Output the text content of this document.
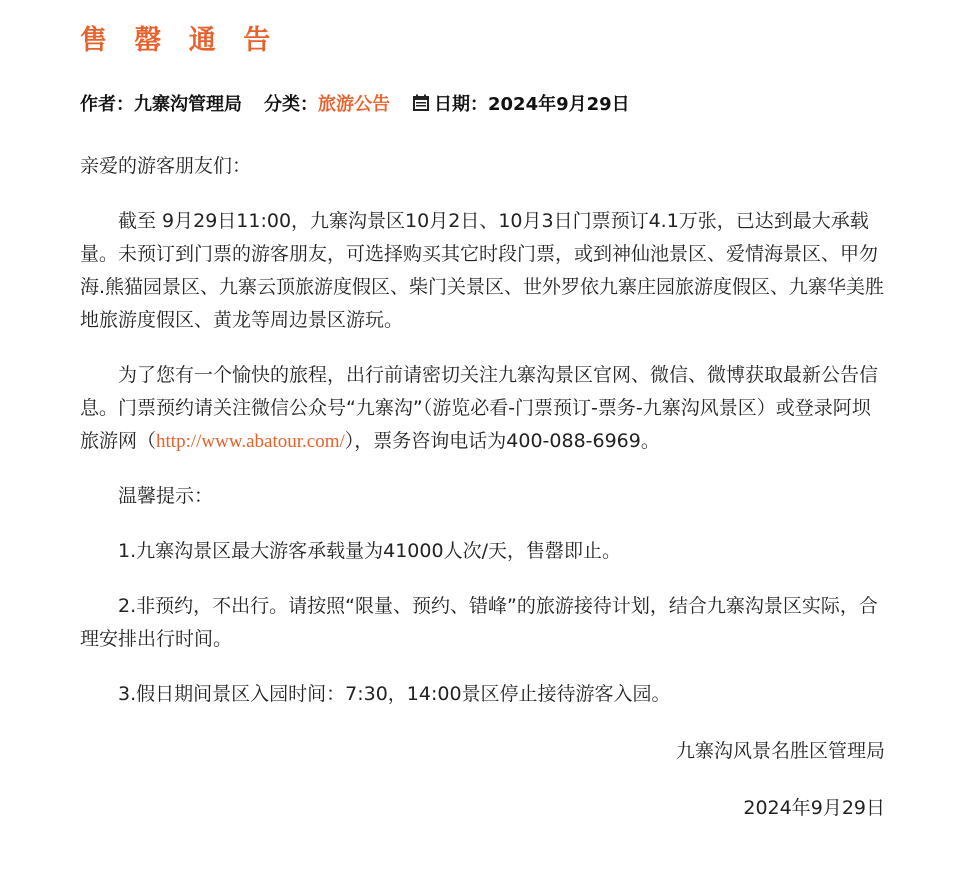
售 罄 通 告
作者： 九寨沟管理局 分类： 旅游公告 日期： 2024年9月29日

亲爱的游客朋友们：

截至 9月29日11:00，九寨沟景区10月2日、10月3日门票预订4.1万张，已达到最大承载量。未预订到门票的游客朋友，可选择购买其它时段门票，或到神仙池景区、爱情海景区、甲勿海.熊猫园景区、九寨云顶旅游度假区、柴门关景区、世外罗依九寨庄园旅游度假区、九寨华美胜地旅游度假区、黄龙等周边景区游玩。

为了您有一个愉快的旅程，出行前请密切关注九寨沟景区官网、微信、微博获取最新公告信息。门票预约请关注微信公众号“九寨沟”（游览必看-门票预订-票务-九寨沟风景区）或登录阿坝旅游网（http://www.abatour.com/），票务咨询电话为400-088-6969。

温馨提示：

1.九寨沟景区最大游客承载量为41000人次/天，售罄即止。

2.非预约，不出行。请按照“限量、预约、错峰”的旅游接待计划，结合九寨沟景区实际，合理安排出行时间。

3.假日期间景区入园时间：7:30，14:00景区停止接待游客入园。

九寨沟风景名胜区管理局

2024年9月29日
